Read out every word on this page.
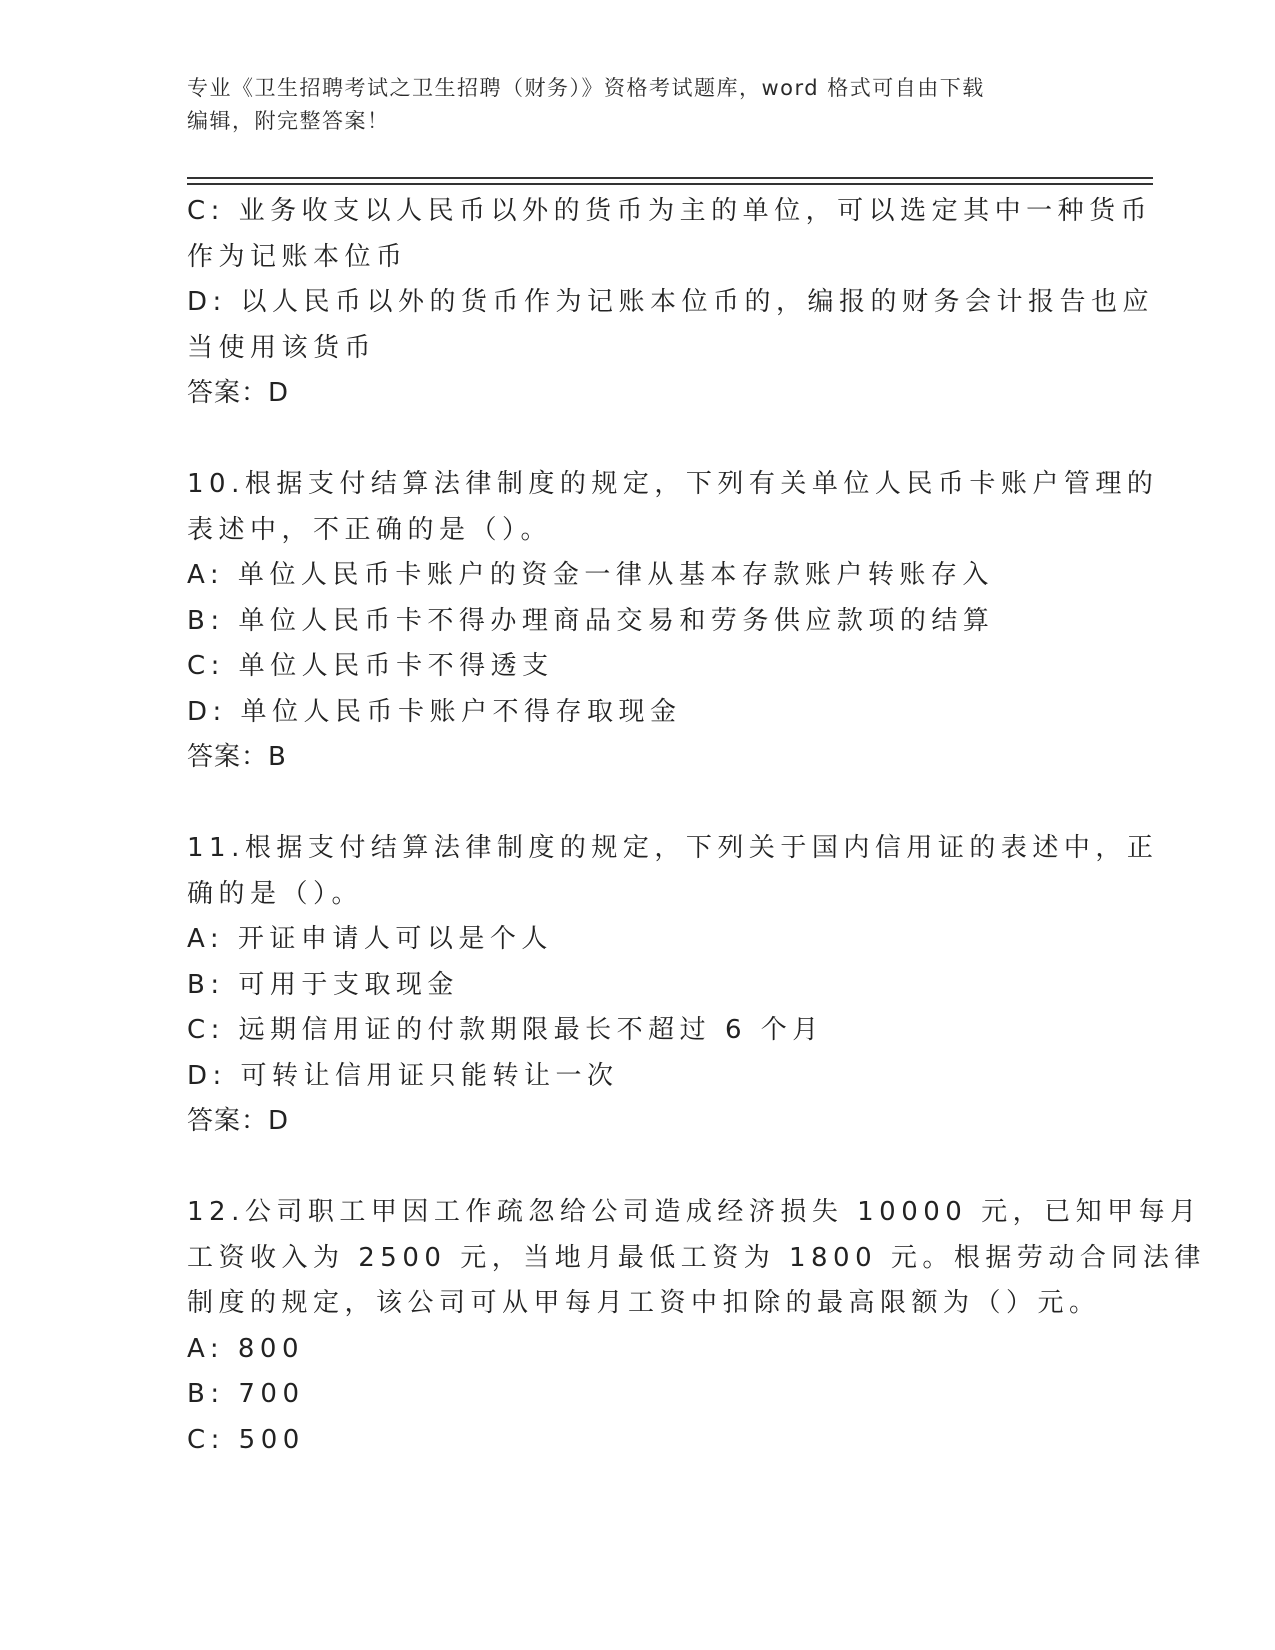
专业《卫生招聘考试之卫生招聘（财务）》资格考试题库，word 格式可自由下载
编辑，附完整答案！
C: 业务收支以人民币以外的货币为主的单位，可以选定其中一种货币
作为记账本位币
D: 以人民币以外的货币作为记账本位币的，编报的财务会计报告也应
当使用该货币
答案：D
10.根据支付结算法律制度的规定，下列有关单位人民币卡账户管理的
表述中，不正确的是（）。
A: 单位人民币卡账户的资金一律从基本存款账户转账存入
B: 单位人民币卡不得办理商品交易和劳务供应款项的结算
C: 单位人民币卡不得透支
D: 单位人民币卡账户不得存取现金
答案：B
11.根据支付结算法律制度的规定，下列关于国内信用证的表述中，正
确的是（）。
A: 开证申请人可以是个人
B: 可用于支取现金
C: 远期信用证的付款期限最长不超过 6 个月
D: 可转让信用证只能转让一次
答案：D
12.公司职工甲因工作疏忽给公司造成经济损失 10000 元，已知甲每月
工资收入为 2500 元，当地月最低工资为 1800 元。根据劳动合同法律
制度的规定，该公司可从甲每月工资中扣除的最高限额为（）元。
A: 800
B: 700
C: 500
